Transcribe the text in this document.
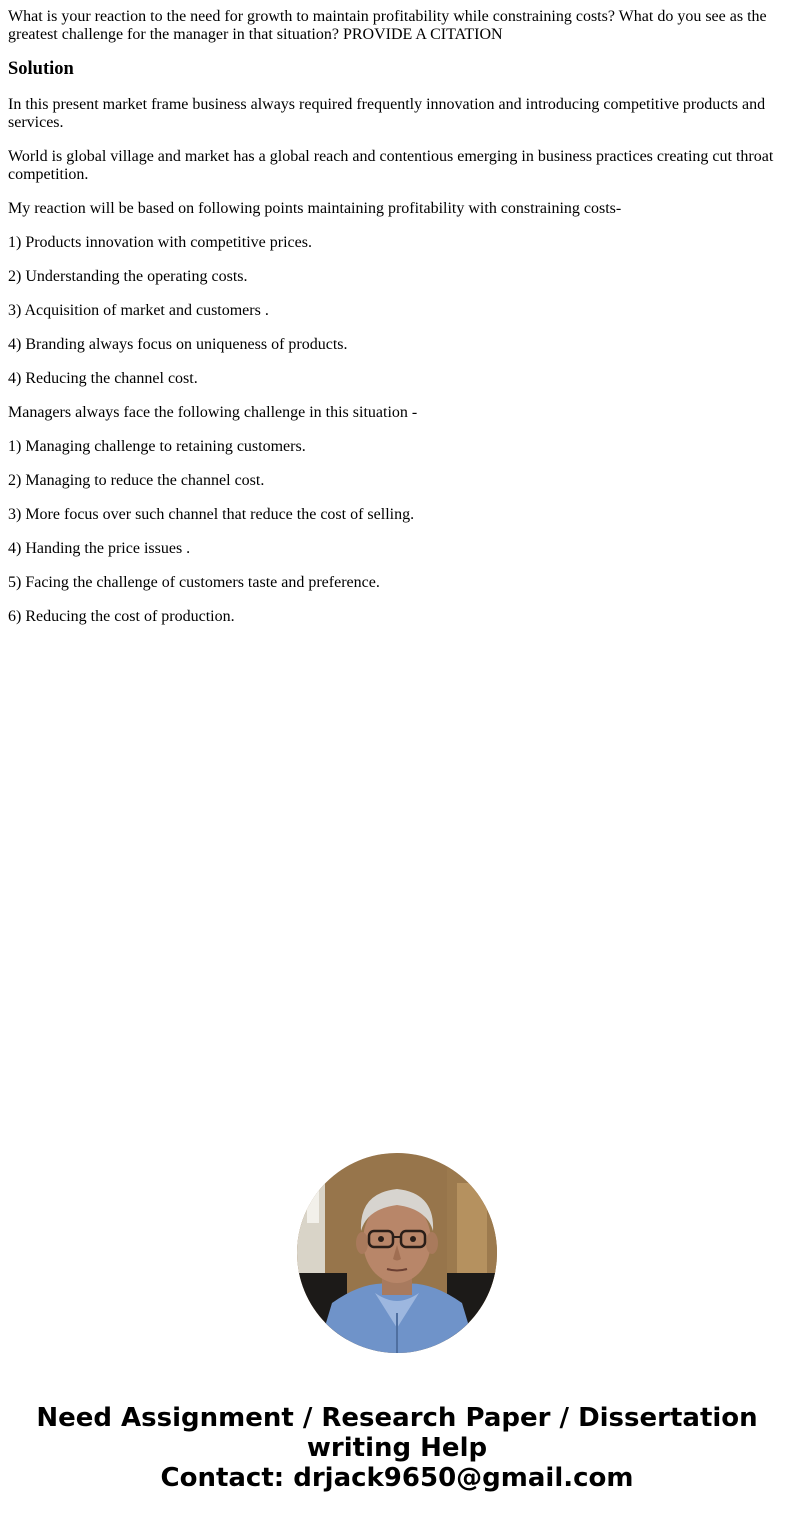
What is your reaction to the need for growth to maintain profitability while constraining costs? What do you see as the greatest challenge for the manager in that situation? PROVIDE A CITATION
Solution
In this present market frame business always required frequently innovation and introducing competitive products and services.
World is global village and market has a global reach and contentious emerging in business practices creating cut throat competition.
My reaction will be based on following points maintaining profitability with constraining costs-
1) Products innovation with competitive prices.
2) Understanding the operating costs.
3) Acquisition of market and customers .
4) Branding always focus on uniqueness of products.
4) Reducing the channel cost.
Managers always face the following challenge in this situation -
1) Managing challenge to retaining customers.
2) Managing to reduce the channel cost.
3) More focus over such channel that reduce the cost of selling.
4) Handing the price issues .
5) Facing the challenge of customers taste and preference.
6) Reducing the cost of production.
Need Assignment / Research Paper / Dissertation
writing Help
Contact: drjack9650@gmail.com
